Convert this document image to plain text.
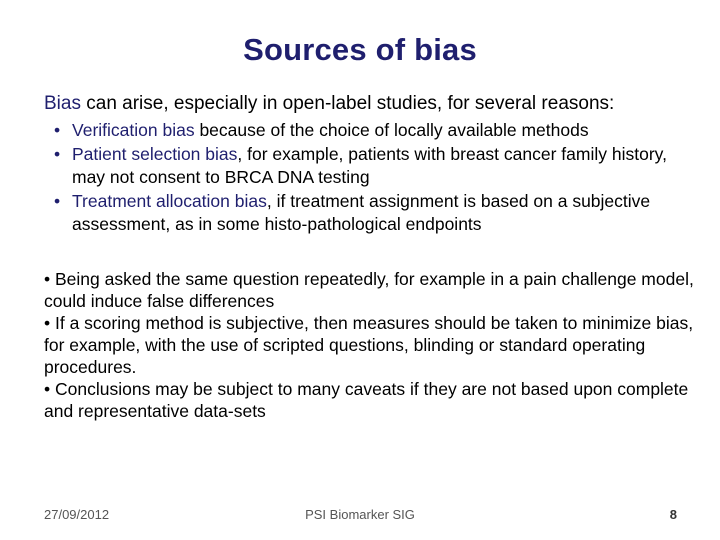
Sources of bias
Bias can arise, especially in open-label studies, for several reasons:
• Verification bias because of the choice of locally available methods
• Patient selection bias, for example, patients with breast cancer family history, may not consent to BRCA DNA testing
• Treatment allocation bias, if treatment assignment is based on a subjective assessment, as in some histo-pathological endpoints

• Being asked the same question repeatedly, for example in a pain challenge model, could induce false differences

• If a scoring method is subjective, then measures should be taken to minimize bias, for example, with the use of scripted questions, blinding or standard operating procedures.

• Conclusions may be subject to many caveats if they are not based upon complete and representative data-sets

27/09/2012	PSI Biomarker SIG	8
